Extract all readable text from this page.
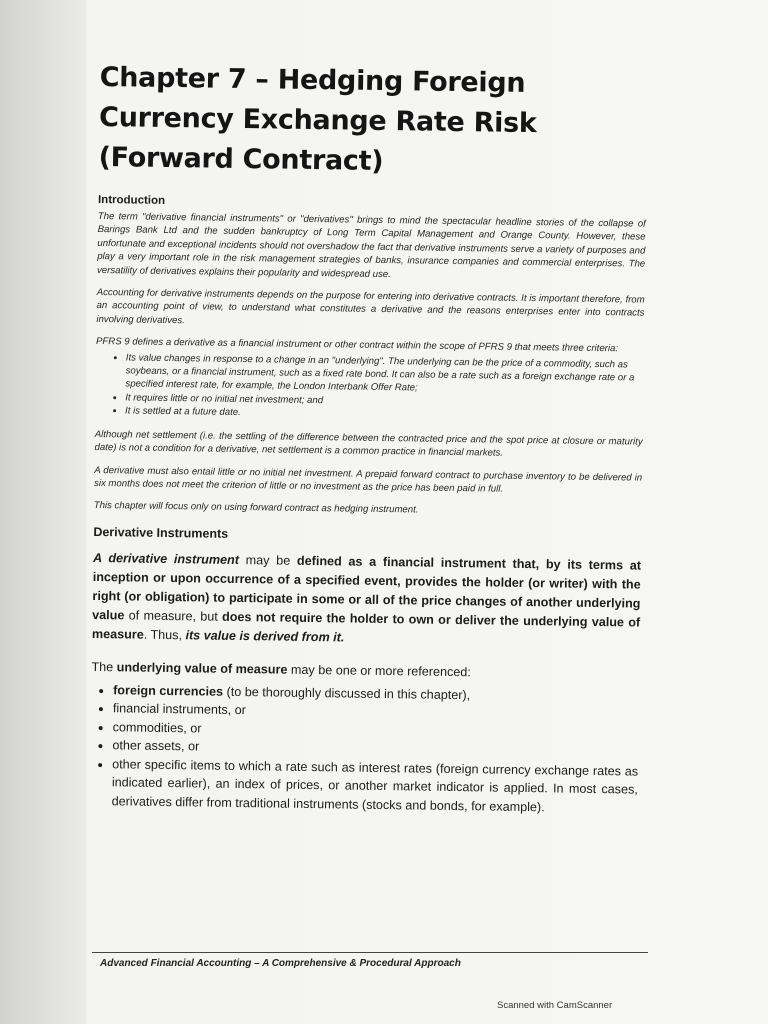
Chapter 7 – Hedging Foreign Currency Exchange Rate Risk (Forward Contract)
Introduction

The term "derivative financial instruments" or "derivatives" brings to mind the spectacular headline stories of the collapse of Barings Bank Ltd and the sudden bankruptcy of Long Term Capital Management and Orange County. However, these unfortunate and exceptional incidents should not overshadow the fact that derivative instruments serve a variety of purposes and play a very important role in the risk management strategies of banks, insurance companies and commercial enterprises. The versatility of derivatives explains their popularity and widespread use.

Accounting for derivative instruments depends on the purpose for entering into derivative contracts. It is important therefore, from an accounting point of view, to understand what constitutes a derivative and the reasons enterprises enter into contracts involving derivatives.

PFRS 9 defines a derivative as a financial instrument or other contract within the scope of PFRS 9 that meets three criteria:

• Its value changes in response to a change in an "underlying". The underlying can be the price of a commodity, such as soybeans, or a financial instrument, such as a fixed rate bond. It can also be a rate such as a foreign exchange rate or a specified interest rate, for example, the London Interbank Offer Rate;
• It requires little or no initial net investment; and
• It is settled at a future date.

Although net settlement (i.e. the settling of the difference between the contracted price and the spot price at closure or maturity date) is not a condition for a derivative, net settlement is a common practice in financial markets.

A derivative must also entail little or no initial net investment. A prepaid forward contract to purchase inventory to be delivered in six months does not meet the criterion of little or no investment as the price has been paid in full.

This chapter will focus only on using forward contract as hedging instrument.

Derivative Instruments

A derivative instrument may be defined as a financial instrument that, by its terms at inception or upon occurrence of a specified event, provides the holder (or writer) with the right (or obligation) to participate in some or all of the price changes of another underlying value of measure, but does not require the holder to own or deliver the underlying value of measure. Thus, its value is derived from it.

The underlying value of measure may be one or more referenced:

• foreign currencies (to be thoroughly discussed in this chapter),
• financial instruments, or
• commodities, or
• other assets, or
• other specific items to which a rate such as interest rates (foreign currency exchange rates as indicated earlier), an index of prices, or another market indicator is applied. In most cases, derivatives differ from traditional instruments (stocks and bonds, for example).
Advanced Financial Accounting – A Comprehensive & Procedural Approach
Scanned with CamScanner
